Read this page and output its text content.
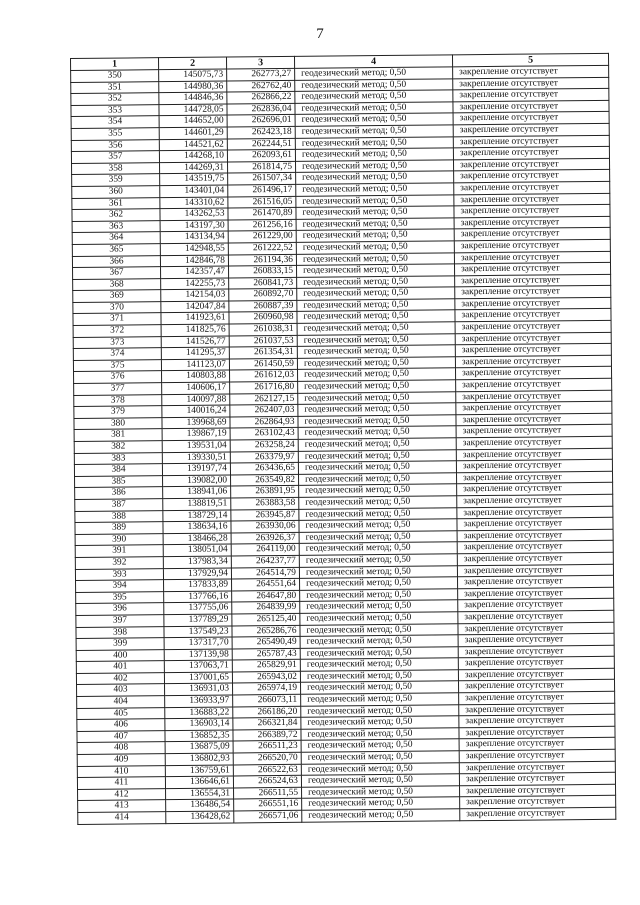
7
1	2	3	4	5
350	145075,73	262773,27	геодезический метод; 0,50	закрепление отсутствует
351	144980,36	262762,40	геодезический метод; 0,50	закрепление отсутствует
352	144846,36	262866,22	геодезический метод; 0,50	закрепление отсутствует
353	144728,05	262836,04	геодезический метод; 0,50	закрепление отсутствует
354	144652,00	262696,01	геодезический метод; 0,50	закрепление отсутствует
355	144601,29	262423,18	геодезический метод; 0,50	закрепление отсутствует
356	144521,62	262244,51	геодезический метод; 0,50	закрепление отсутствует
357	144268,10	262093,61	геодезический метод; 0,50	закрепление отсутствует
358	144269,31	261814,75	геодезический метод; 0,50	закрепление отсутствует
359	143519,75	261507,34	геодезический метод; 0,50	закрепление отсутствует
360	143401,04	261496,17	геодезический метод; 0,50	закрепление отсутствует
361	143310,62	261516,05	геодезический метод; 0,50	закрепление отсутствует
362	143262,53	261470,89	геодезический метод; 0,50	закрепление отсутствует
363	143197,30	261256,16	геодезический метод; 0,50	закрепление отсутствует
364	143134,94	261229,00	геодезический метод; 0,50	закрепление отсутствует
365	142948,55	261222,52	геодезический метод; 0,50	закрепление отсутствует
366	142846,78	261194,36	геодезический метод; 0,50	закрепление отсутствует
367	142357,47	260833,15	геодезический метод; 0,50	закрепление отсутствует
368	142255,73	260841,73	геодезический метод; 0,50	закрепление отсутствует
369	142154,03	260892,70	геодезический метод; 0,50	закрепление отсутствует
370	142047,84	260887,39	геодезический метод; 0,50	закрепление отсутствует
371	141923,61	260960,98	геодезический метод; 0,50	закрепление отсутствует
372	141825,76	261038,31	геодезический метод; 0,50	закрепление отсутствует
373	141526,77	261037,53	геодезический метод; 0,50	закрепление отсутствует
374	141295,37	261354,31	геодезический метод; 0,50	закрепление отсутствует
375	141123,07	261450,59	геодезический метод; 0,50	закрепление отсутствует
376	140803,88	261612,03	геодезический метод; 0,50	закрепление отсутствует
377	140606,17	261716,80	геодезический метод; 0,50	закрепление отсутствует
378	140097,88	262127,15	геодезический метод; 0,50	закрепление отсутствует
379	140016,24	262407,03	геодезический метод; 0,50	закрепление отсутствует
380	139968,69	262864,93	геодезический метод; 0,50	закрепление отсутствует
381	139867,19	263102,43	геодезический метод; 0,50	закрепление отсутствует
382	139531,04	263258,24	геодезический метод; 0,50	закрепление отсутствует
383	139330,51	263379,97	геодезический метод; 0,50	закрепление отсутствует
384	139197,74	263436,65	геодезический метод; 0,50	закрепление отсутствует
385	139082,00	263549,82	геодезический метод; 0,50	закрепление отсутствует
386	138941,06	263891,95	геодезический метод; 0,50	закрепление отсутствует
387	138819,51	263883,58	геодезический метод; 0,50	закрепление отсутствует
388	138729,14	263945,87	геодезический метод; 0,50	закрепление отсутствует
389	138634,16	263930,06	геодезический метод; 0,50	закрепление отсутствует
390	138466,28	263926,37	геодезический метод; 0,50	закрепление отсутствует
391	138051,04	264119,00	геодезический метод; 0,50	закрепление отсутствует
392	137983,34	264237,77	геодезический метод; 0,50	закрепление отсутствует
393	137929,94	264514,79	геодезический метод; 0,50	закрепление отсутствует
394	137833,89	264551,64	геодезический метод; 0,50	закрепление отсутствует
395	137766,16	264647,80	геодезический метод; 0,50	закрепление отсутствует
396	137755,06	264839,99	геодезический метод; 0,50	закрепление отсутствует
397	137789,29	265125,40	геодезический метод; 0,50	закрепление отсутствует
398	137549,23	265286,76	геодезический метод; 0,50	закрепление отсутствует
399	137317,70	265490,49	геодезический метод; 0,50	закрепление отсутствует
400	137139,98	265787,43	геодезический метод; 0,50	закрепление отсутствует
401	137063,71	265829,91	геодезический метод; 0,50	закрепление отсутствует
402	137001,65	265943,02	геодезический метод; 0,50	закрепление отсутствует
403	136931,03	265974,19	геодезический метод; 0,50	закрепление отсутствует
404	136933,97	266073,11	геодезический метод; 0,50	закрепление отсутствует
405	136883,22	266186,20	геодезический метод; 0,50	закрепление отсутствует
406	136903,14	266321,84	геодезический метод; 0,50	закрепление отсутствует
407	136852,35	266389,72	геодезический метод; 0,50	закрепление отсутствует
408	136875,09	266511,23	геодезический метод; 0,50	закрепление отсутствует
409	136802,93	266520,70	геодезический метод; 0,50	закрепление отсутствует
410	136759,61	266522,63	геодезический метод; 0,50	закрепление отсутствует
411	136646,61	266524,63	геодезический метод; 0,50	закрепление отсутствует
412	136554,31	266511,55	геодезический метод; 0,50	закрепление отсутствует
413	136486,54	266551,16	геодезический метод; 0,50	закрепление отсутствует
414	136428,62	266571,06	геодезический метод; 0,50	закрепление отсутствует
